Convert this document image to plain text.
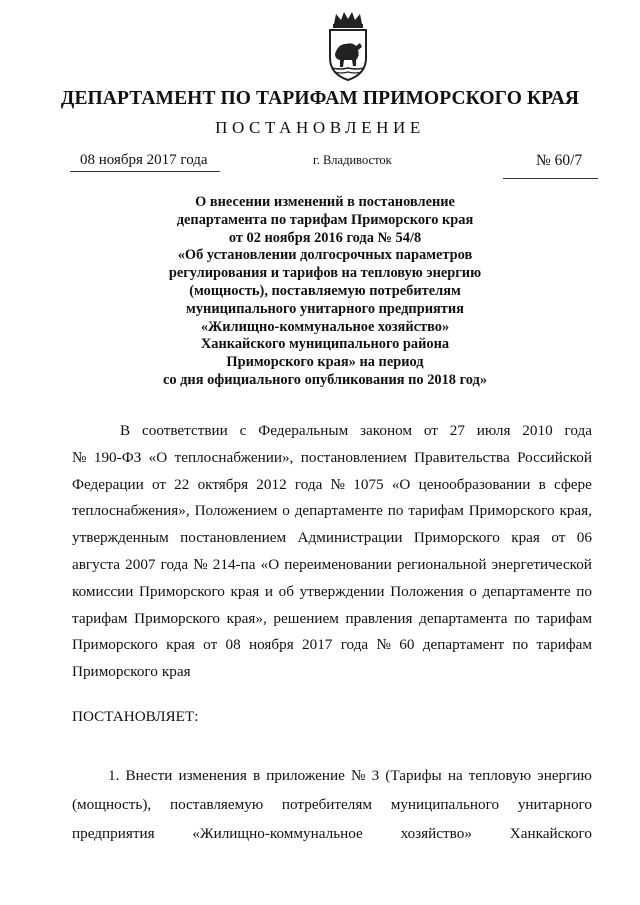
ДЕПАРТАМЕНТ ПО ТАРИФАМ ПРИМОРСКОГО КРАЯ
ПОСТАНОВЛЕНИЕ
08 ноября 2017 года	г. Владивосток	№ 60/7
О внесении изменений в постановление
департамента по тарифам Приморского края
от 02 ноября 2016 года № 54/8
«Об установлении долгосрочных параметров
регулирования и тарифов на тепловую энергию
(мощность), поставляемую потребителям
муниципального унитарного предприятия
«Жилищно-коммунальное хозяйство»
Ханкайского муниципального района
Приморского края» на период
со дня официального опубликования по 2018 год»
В соответствии с Федеральным законом от 27 июля 2010 года
№ 190-ФЗ «О теплоснабжении», постановлением Правительства Российской
Федерации от 22 октября 2012 года № 1075 «О ценообразовании в сфере
теплоснабжения», Положением о департаменте по тарифам Приморского края,
утвержденным постановлением Администрации Приморского края от 06
августа 2007 года № 214-па «О переименовании региональной энергетической
комиссии Приморского края и об утверждении Положения о департаменте по
тарифам Приморского края», решением правления департамента по тарифам
Приморского края от 08 ноября 2017 года № 60 департамент по тарифам
Приморского края
ПОСТАНОВЛЯЕТ:
1. Внести изменения в приложение № 3 (Тарифы на тепловую энергию
(мощность), поставляемую потребителям муниципального унитарного
предприятия «Жилищно-коммунальное хозяйство» Ханкайского
